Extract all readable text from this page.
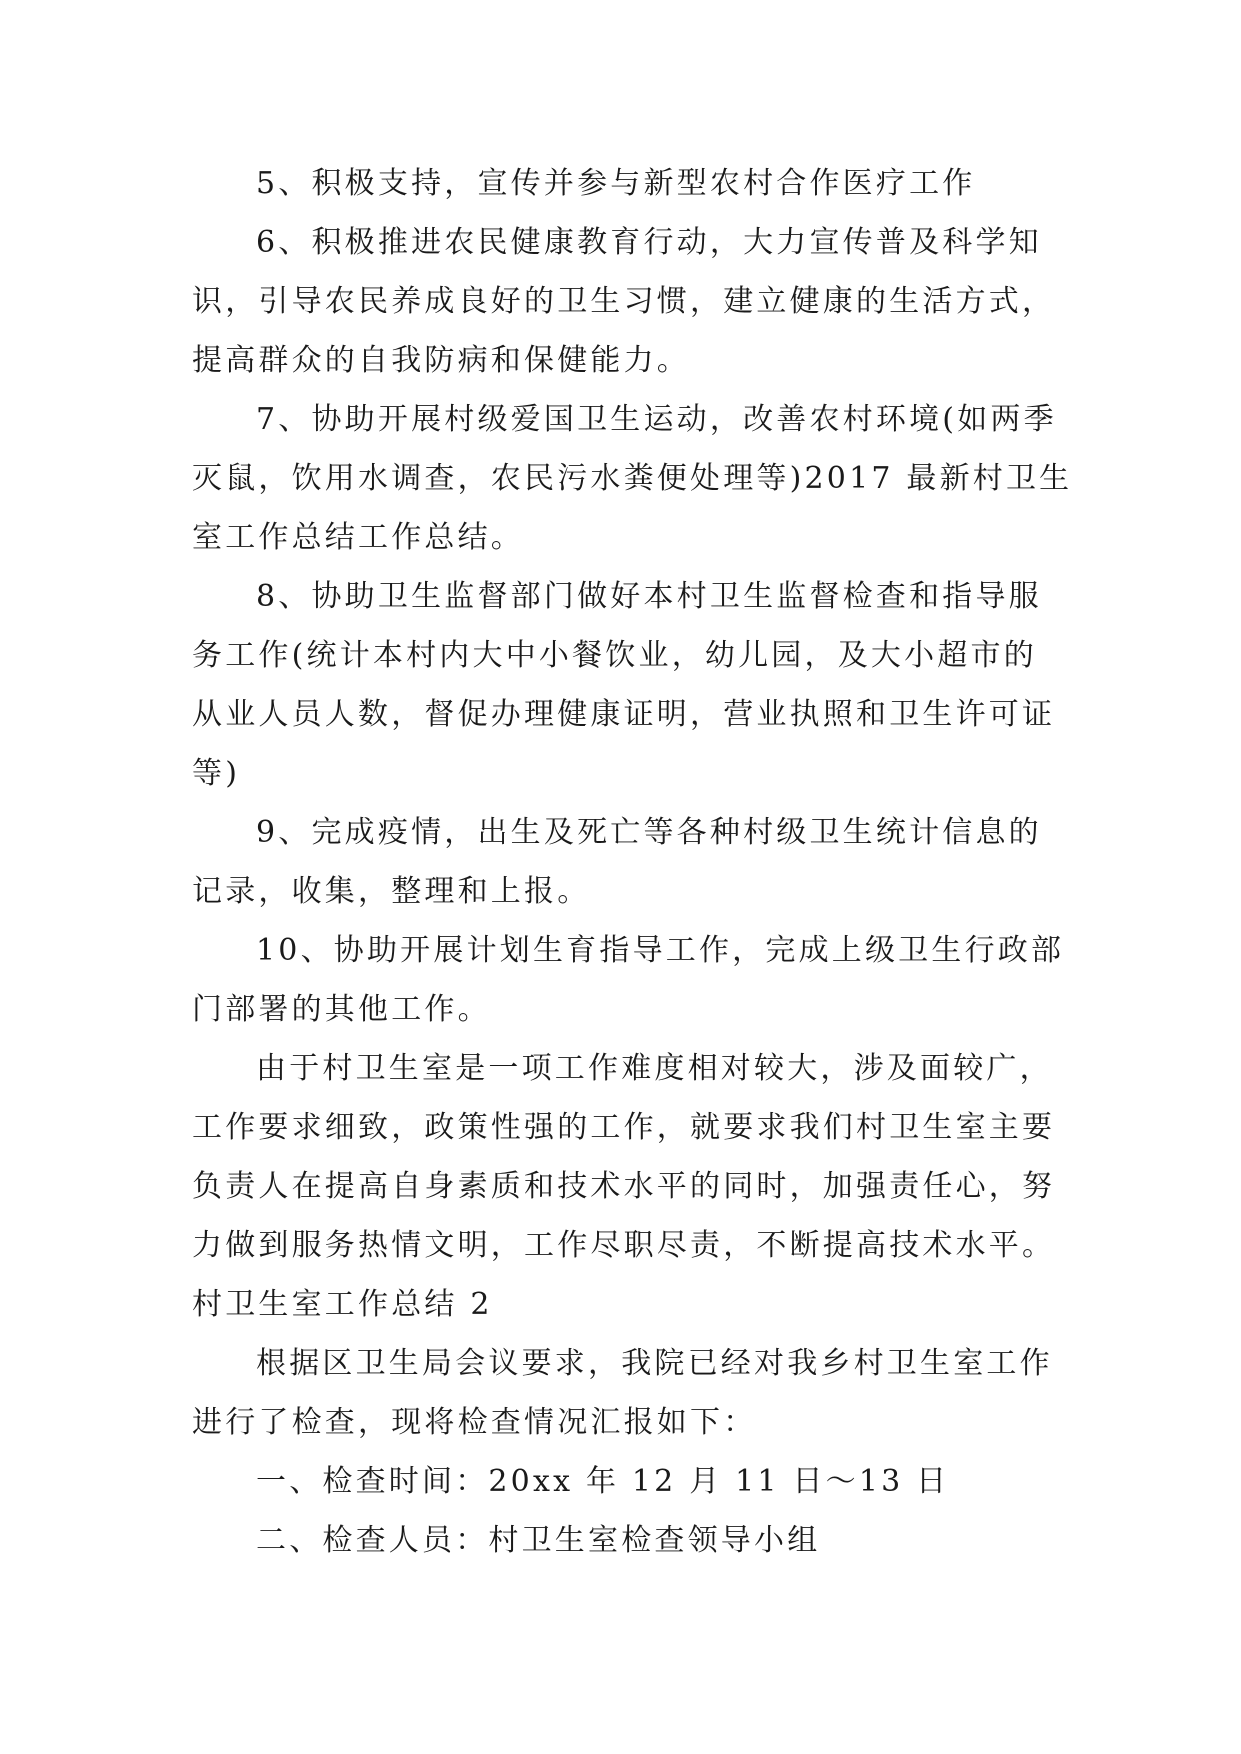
5、积极支持，宣传并参与新型农村合作医疗工作
6、积极推进农民健康教育行动，大力宣传普及科学知
识，引导农民养成良好的卫生习惯，建立健康的生活方式，
提高群众的自我防病和保健能力。
7、协助开展村级爱国卫生运动，改善农村环境(如两季
灭鼠，饮用水调查，农民污水粪便处理等)2017 最新村卫生
室工作总结工作总结。
8、协助卫生监督部门做好本村卫生监督检查和指导服
务工作(统计本村内大中小餐饮业，幼儿园，及大小超市的
从业人员人数，督促办理健康证明，营业执照和卫生许可证
等)
9、完成疫情，出生及死亡等各种村级卫生统计信息的
记录，收集，整理和上报。
10、协助开展计划生育指导工作，完成上级卫生行政部
门部署的其他工作。
由于村卫生室是一项工作难度相对较大，涉及面较广，
工作要求细致，政策性强的工作，就要求我们村卫生室主要
负责人在提高自身素质和技术水平的同时，加强责任心，努
力做到服务热情文明，工作尽职尽责，不断提高技术水平。
村卫生室工作总结 2
根据区卫生局会议要求，我院已经对我乡村卫生室工作
进行了检查，现将检查情况汇报如下：
一、检查时间：20xx 年 12 月 11 日～13 日
二、检查人员：村卫生室检查领导小组
